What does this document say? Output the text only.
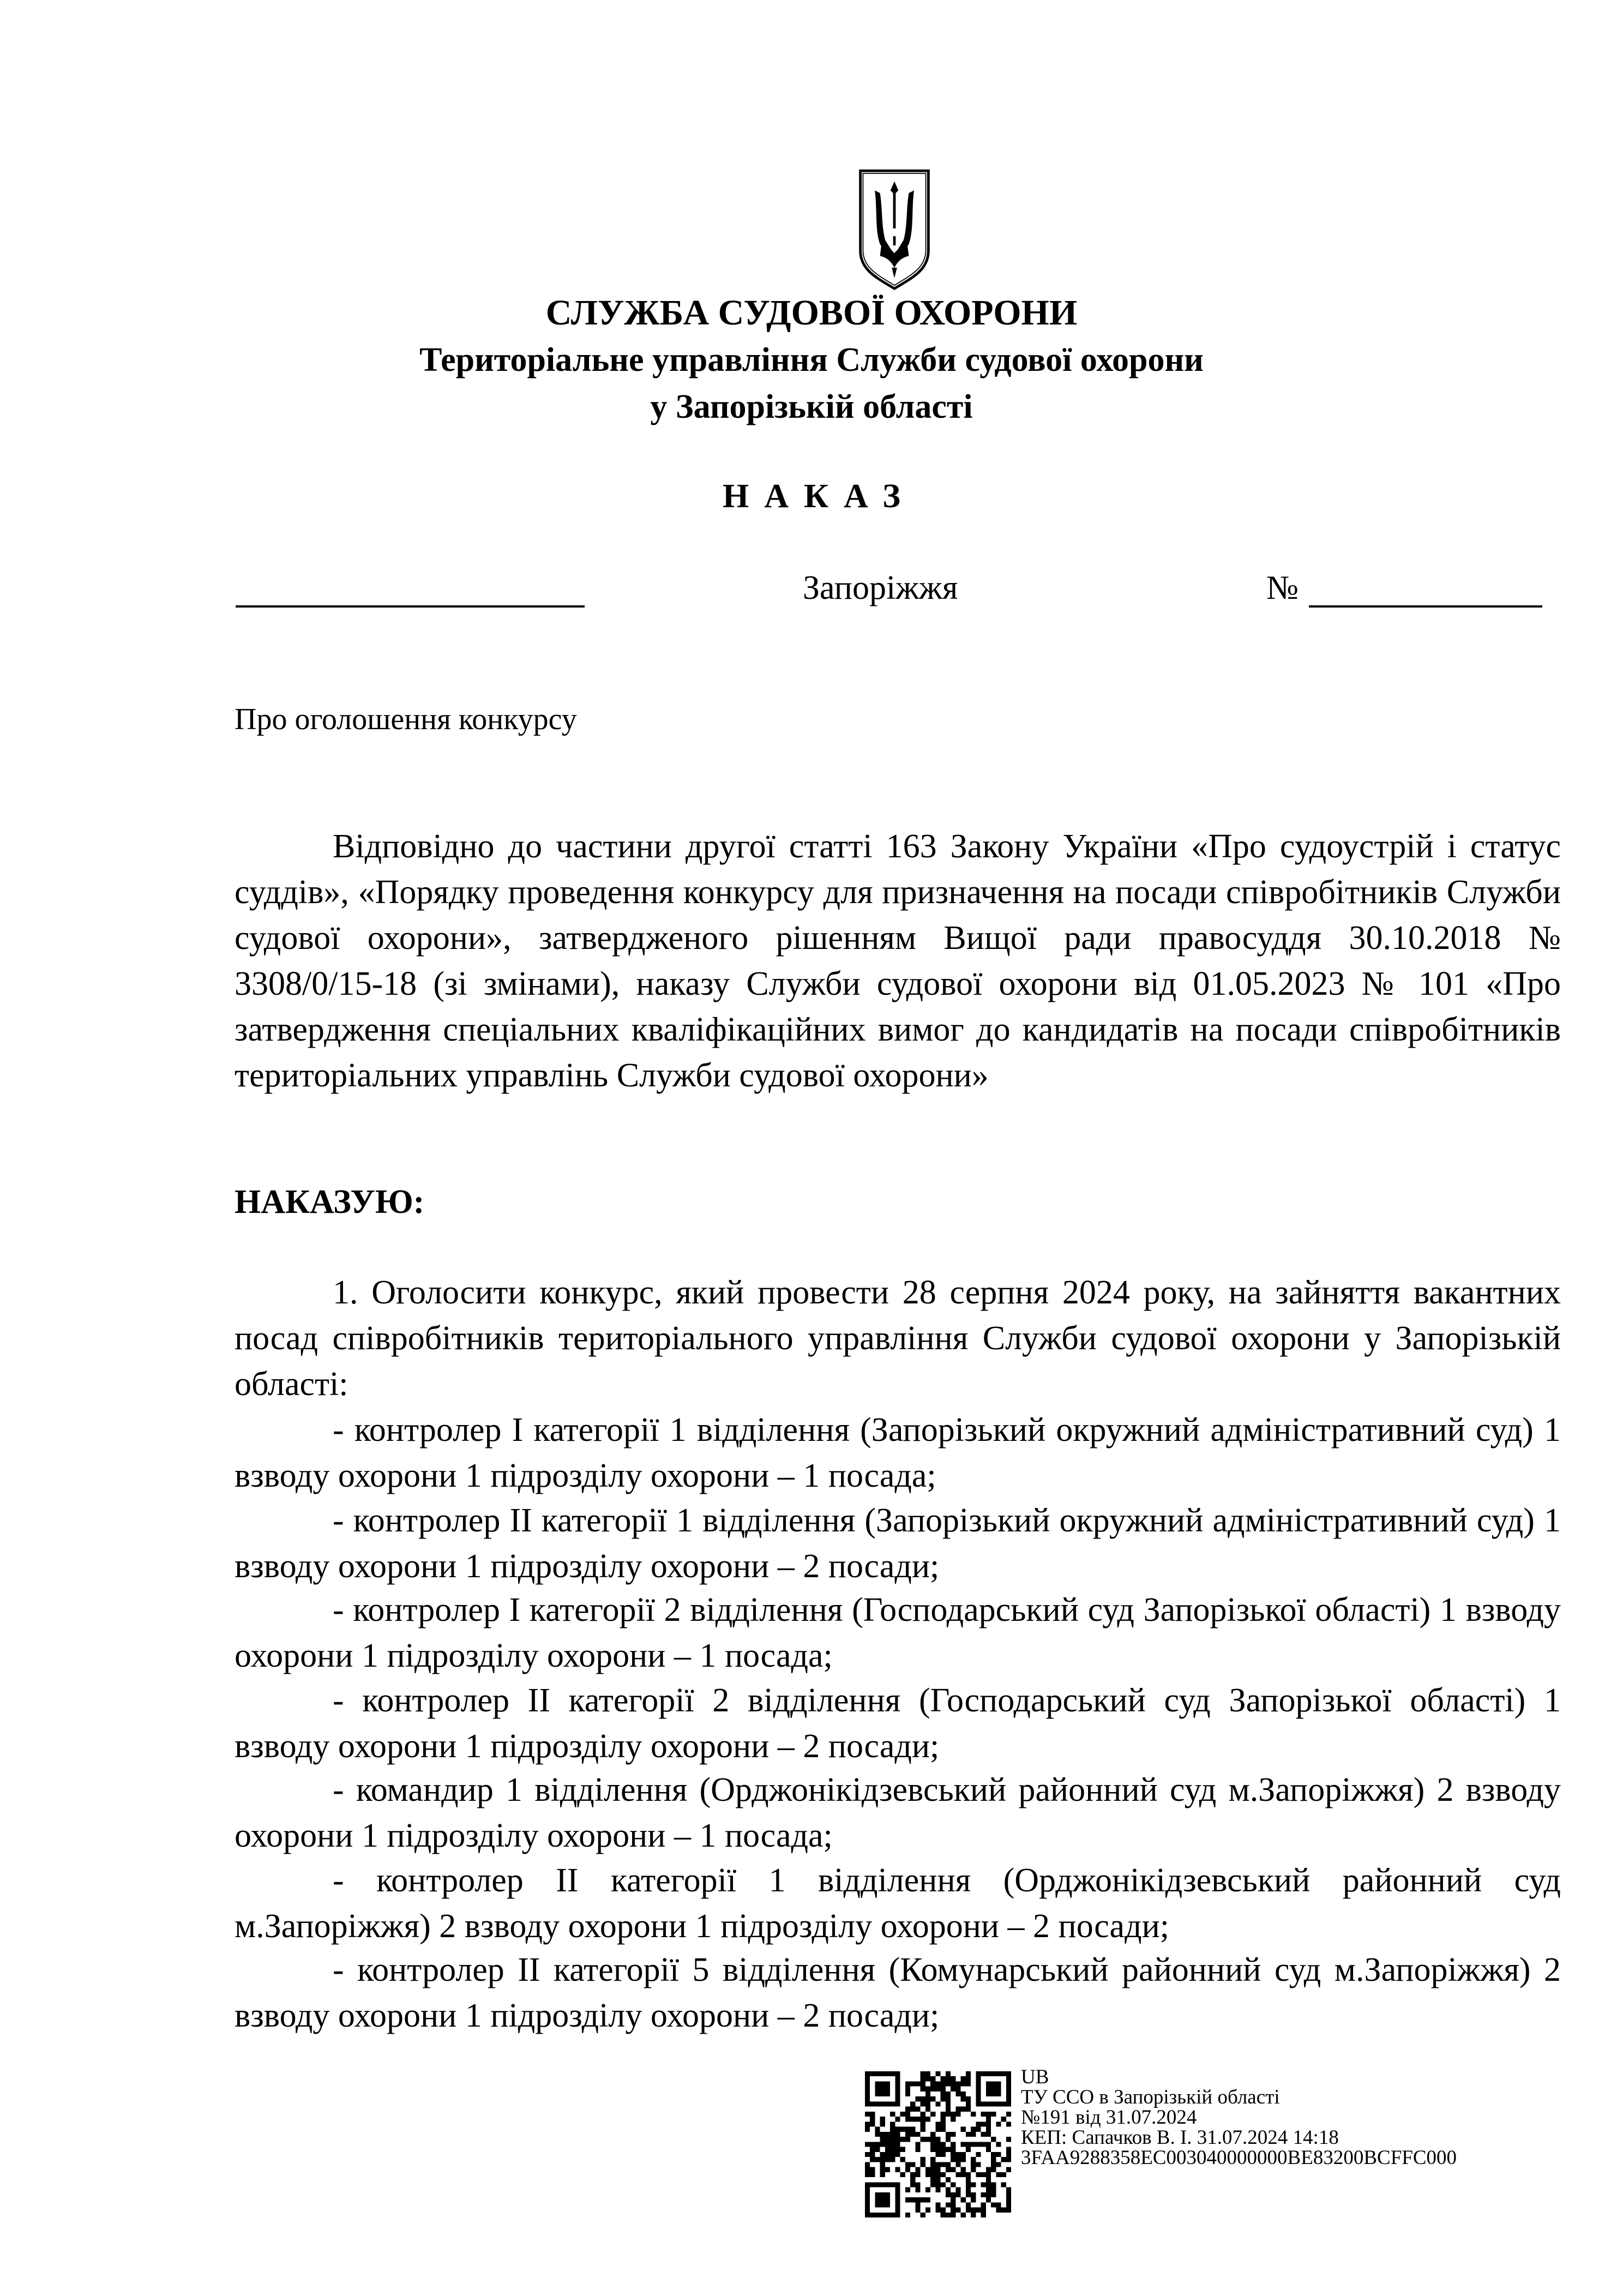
СЛУЖБА СУДОВОЇ ОХОРОНИ
Територіальне управління Служби судової охорони
у Запорізькій області
НАКАЗ
Запоріжжя	№
Про оголошення конкурсу

Відповідно до частини другої статті 163 Закону України «Про судоустрій і статус суддів», «Порядку проведення конкурсу для призначення на посади співробітників Служби судової охорони», затвердженого рішенням Вищої ради правосуддя 30.10.2018 № 3308/0/15-18 (зі змінами), наказу Служби судової охорони від 01.05.2023 № 101 «Про затвердження спеціальних кваліфікаційних вимог до кандидатів на посади співробітників територіальних управлінь Служби судової охорони»

НАКАЗУЮ:

1. Оголосити конкурс, який провести 28 серпня 2024 року, на зайняття вакантних посад співробітників територіального управління Служби судової охорони у Запорізькій області:

- контролер I категорії 1 відділення (Запорізький окружний адміністративний суд) 1 взводу охорони 1 підрозділу охорони – 1 посада;

- контролер II категорії 1 відділення (Запорізький окружний адміністративний суд) 1 взводу охорони 1 підрозділу охорони – 2 посади;

- контролер I категорії 2 відділення (Господарський суд Запорізької області) 1 взводу охорони 1 підрозділу охорони – 1 посада;

- контролер II категорії 2 відділення (Господарський суд Запорізької області) 1 взводу охорони 1 підрозділу охорони – 2 посади;

- командир 1 відділення (Орджонікідзевський районний суд м.Запоріжжя) 2 взводу охорони 1 підрозділу охорони – 1 посада;

- контролер II категорії 1 відділення (Орджонікідзевський районний суд м.Запоріжжя) 2 взводу охорони 1 підрозділу охорони – 2 посади;

- контролер II категорії 5 відділення (Комунарський районний суд м.Запоріжжя) 2 взводу охорони 1 підрозділу охорони – 2 посади;

UB
ТУ ССО в Запорізькій області
№191 від 31.07.2024
КЕП: Сапачков В. І. 31.07.2024 14:18
3FAA9288358EC003040000000BE83200BCFFC000
